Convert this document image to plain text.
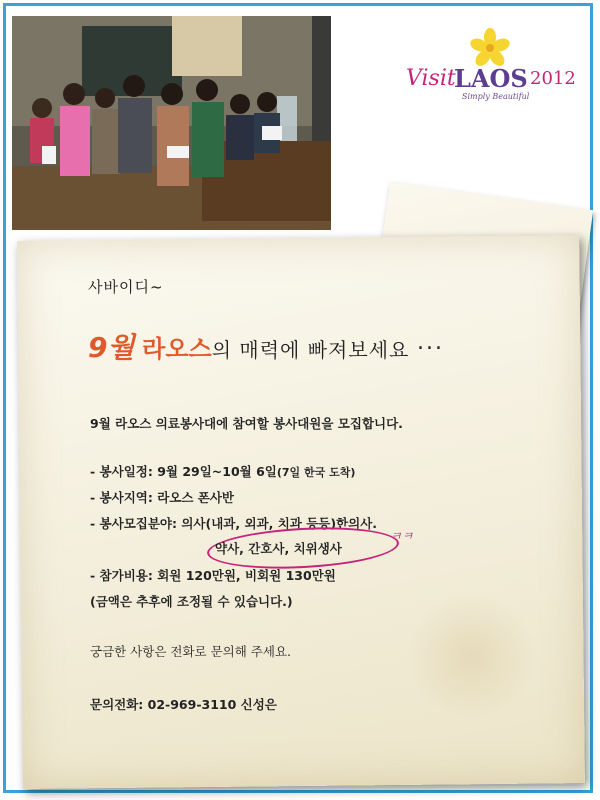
Visit
LAOS 2012
Simply Beautiful
사바이디~
9월 라오스의 매력에 빠져보세요 ...
9월 라오스 의료봉사대에 참여할 봉사대원을 모집합니다.
- 봉사일정: 9월 29일~10월 6일(7일 한국 도착)
- 봉사지역: 라오스 폰사반
- 봉사모집분야: 의사(내과, 외과, 치과 등등)한의사.
약사, 간호사, 치위생사
ㅋㅋ
- 참가비용: 회원 120만원, 비회원 130만원
(금액은 추후에 조정될 수 있습니다.)
궁금한 사항은 전화로 문의해 주세요.
문의전화: 02-969-3110 신성은
